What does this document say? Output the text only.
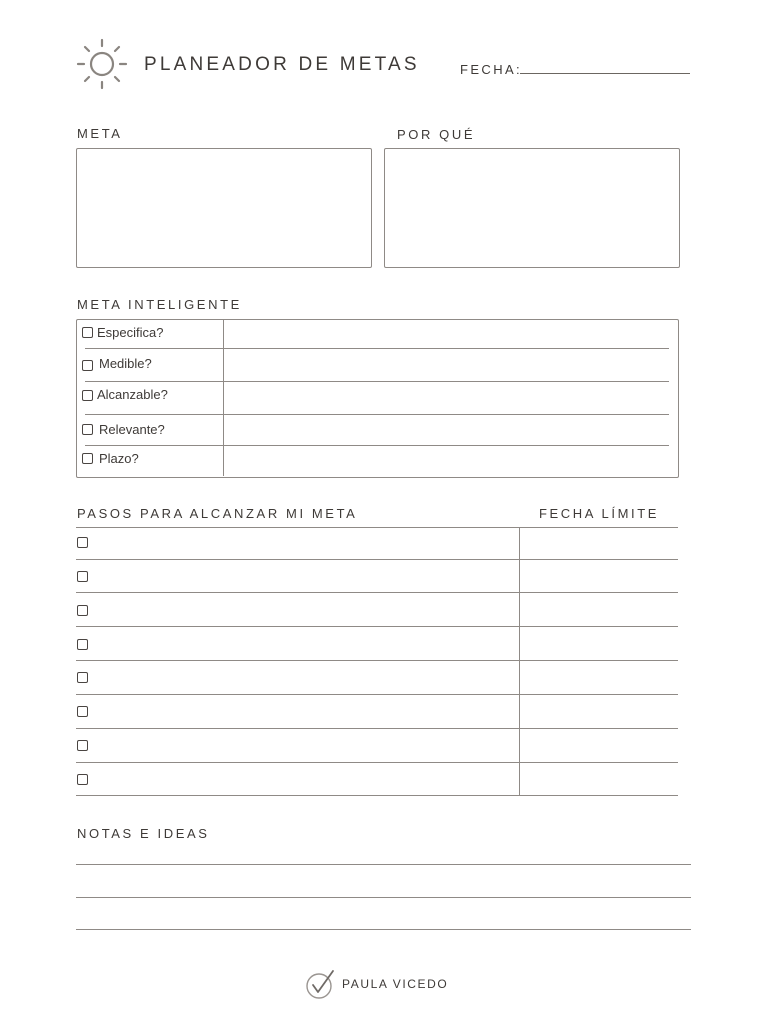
PLANEADOR DE METAS	FECHA:
META	POR QUÉ
META INTELIGENTE
Especifica?
Medible?
Alcanzable?
Relevante?
Plazo?
PASOS PARA ALCANZAR MI META	FECHA LÍMITE
NOTAS E IDEAS
PAULA VICEDO
